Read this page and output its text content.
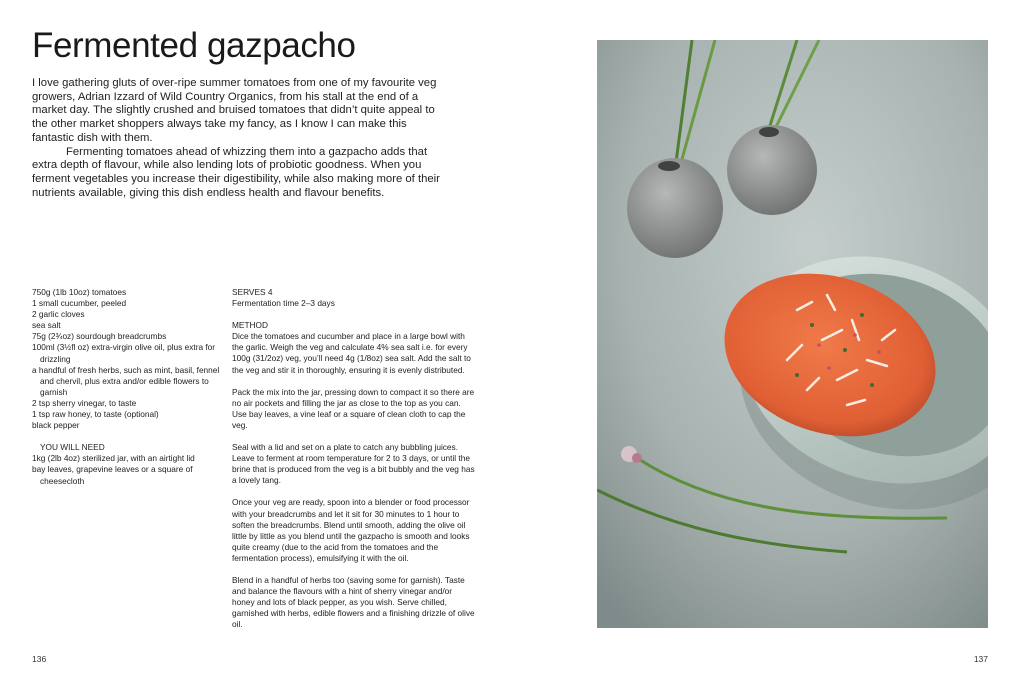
Fermented gazpacho

I love gathering gluts of over-ripe summer tomatoes from one of my favourite veg growers, Adrian Izzard of Wild Country Organics, from his stall at the end of a market day. The slightly crushed and bruised tomatoes that didn’t quite appeal to the other market shoppers always take my fancy, as I know I can make this fantastic dish with them.

Fermenting tomatoes ahead of whizzing them into a gazpacho adds that extra depth of flavour, while also lending lots of probiotic goodness. When you ferment vegetables you increase their digestibility, while also making more of their nutrients available, giving this dish endless health and flavour benefits.

750g (1lb 10oz) tomatoes
1 small cucumber, peeled
2 garlic cloves
sea salt
75g (2¾oz) sourdough breadcrumbs
100ml (3½fl oz) extra-virgin olive oil, plus extra for drizzling
a handful of fresh herbs, such as mint, basil, fennel and chervil, plus extra and/or edible flowers to garnish
2 tsp sherry vinegar, to taste
1 tsp raw honey, to taste (optional)
black pepper
YOU WILL NEED
1kg (2lb 4oz) sterilized jar, with an airtight lid
bay leaves, grapevine leaves or a square of cheesecloth
SERVES 4
Fermentation time 2–3 days
METHOD
Dice the tomatoes and cucumber and place in a large bowl with the garlic. Weigh the veg and calculate 4% sea salt i.e. for every 100g (31/2oz) veg, you’ll need 4g (1/8oz) sea salt. Add the salt to the veg and stir it in thoroughly, ensuring it is evenly distributed.
Pack the mix into the jar, pressing down to compact it so there are no air pockets and filling the jar as close to the top as you can. Use bay leaves, a vine leaf or a square of clean cloth to cap the veg.
Seal with a lid and set on a plate to catch any bubbling juices. Leave to ferment at room temperature for 2 to 3 days, or until the brine that is produced from the veg is a bit bubbly and the veg has a lovely tang.
Once your veg are ready, spoon into a blender or food processor with your breadcrumbs and let it sit for 30 minutes to 1 hour to soften the breadcrumbs. Blend until smooth, adding the olive oil little by little as you blend until the gazpacho is smooth and looks quite creamy (due to the acid from the tomatoes and the fermentation process), emulsifying it with the oil.
Blend in a handful of herbs too (saving some for garnish). Taste and balance the flavours with a hint of sherry vinegar and/or honey and lots of black pepper, as you wish. Serve chilled, garnished with herbs, edible flowers and a finishing drizzle of olive oil.
136	137
